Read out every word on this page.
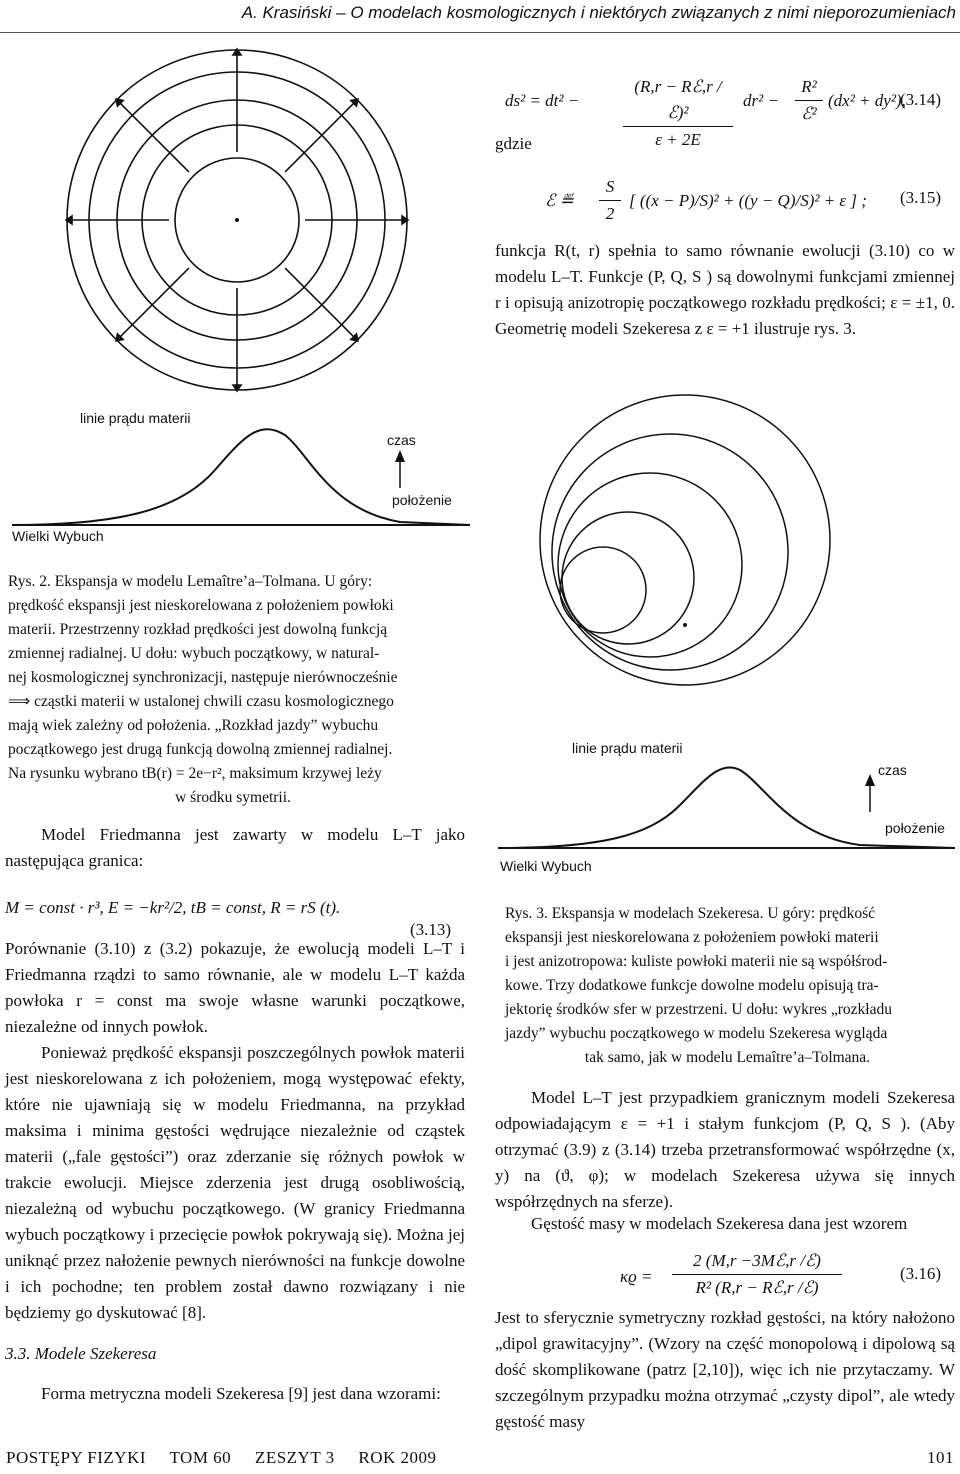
A. Krasiński – O modelach kosmologicznych i niektórych związanych z nimi nieporozumieniach
ds² = dt² −
(R,r − Rℰ,r /ℰ)²
ε + 2E
dr² −
R²
ℰ²
(dx² + dy²),
(3.14)
gdzie
ℰ ≝ $\frac{S}{2}$ [ ((x − P)/S)² + ((y − Q)/S)² + ε ] ; (3.15)
funkcja R(t, r) spełnia to samo równanie ewolucji (3.10) co w modelu L–T. Funkcje (P, Q, S ) są dowolnymi funkcjami zmiennej r i opisują anizotropię początkowego rozkładu prędkości; ε = ±1, 0. Geometrię modeli Szekeresa z ε = +1 ilustruje rys. 3.
linie prądu materii
czas
położenie
Wielki Wybuch
Rys. 2. Ekspansja w modelu Lemaître’a–Tolmana. U góry:
prędkość ekspansji jest nieskorelowana z położeniem powłoki
materii. Przestrzenny rozkład prędkości jest dowolną funkcją
zmiennej radialnej. U dołu: wybuch początkowy, w natural-
nej kosmologicznej synchronizacji, następuje nierównocześnie
⟹ cząstki materii w ustalonej chwili czasu kosmologicznego
mają wiek zależny od położenia. „Rozkład jazdy” wybuchu
początkowego jest drugą funkcją dowolną zmiennej radialnej.
Na rysunku wybrano tB(r) = 2e−r², maksimum krzywej leży
w środku symetrii.
linie prądu materii
czas
położenie
Wielki Wybuch
Rys. 3. Ekspansja w modelach Szekeresa. U góry: prędkość
ekspansji jest nieskorelowana z położeniem powłoki materii
i jest anizotropowa: kuliste powłoki materii nie są współśrod-
kowe. Trzy dodatkowe funkcje dowolne modelu opisują tra-
jektorię środków sfer w przestrzeni. U dołu: wykres „rozkładu
jazdy” wybuchu początkowego w modelu Szekeresa wygląda
tak samo, jak w modelu Lemaître’a–Tolmana.
Model Friedmanna jest zawarty w modelu L–T jako następująca granica:
M = const · r³, E = −kr²/2, tB = const, R = rS (t).
(3.13)
Porównanie (3.10) z (3.2) pokazuje, że ewolucją modeli L–T i Friedmanna rządzi to samo równanie, ale w modelu L–T każda powłoka r = const ma swoje własne warunki początkowe, niezależne od innych powłok.
Ponieważ prędkość ekspansji poszczególnych powłok materii jest nieskorelowana z ich położeniem, mogą występować efekty, które nie ujawniają się w modelu Friedmanna, na przykład maksima i minima gęstości wędrujące niezależnie od cząstek materii („fale gęstości”) oraz zderzanie się różnych powłok w trakcie ewolucji. Miejsce zderzenia jest drugą osobliwością, niezależną od wybuchu początkowego. (W granicy Friedmanna wybuch początkowy i przecięcie powłok pokrywają się). Można jej uniknąć przez nałożenie pewnych nierówności na funkcje dowolne i ich pochodne; ten problem został dawno rozwiązany i nie będziemy go dyskutować [8].
3.3. Modele Szekeresa
Forma metryczna modeli Szekeresa [9] jest dana wzorami:
Model L–T jest przypadkiem granicznym modeli Szekeresa odpowiadającym ε = +1 i stałym funkcjom (P, Q, S ). (Aby otrzymać (3.9) z (3.14) trzeba przetransformować współrzędne (x, y) na (ϑ, φ); w modelach Szekeresa używa się innych współrzędnych na sferze).
Gęstość masy w modelach Szekeresa dana jest wzorem
κϱ =
2 (M,r −3Mℰ,r /ℰ)
R² (R,r − Rℰ,r /ℰ)
(3.16)
Jest to sferycznie symetryczny rozkład gęstości, na który nałożono „dipol grawitacyjny”. (Wzory na część monopolową i dipolową są dość skomplikowane (patrz [2,10]), więc ich nie przytaczamy. W szczególnym przypadku można otrzymać „czysty dipol”, ale wtedy gęstość masy
POSTĘPY FIZYKI     TOM 60     ZESZYT 3     ROK 2009	101
